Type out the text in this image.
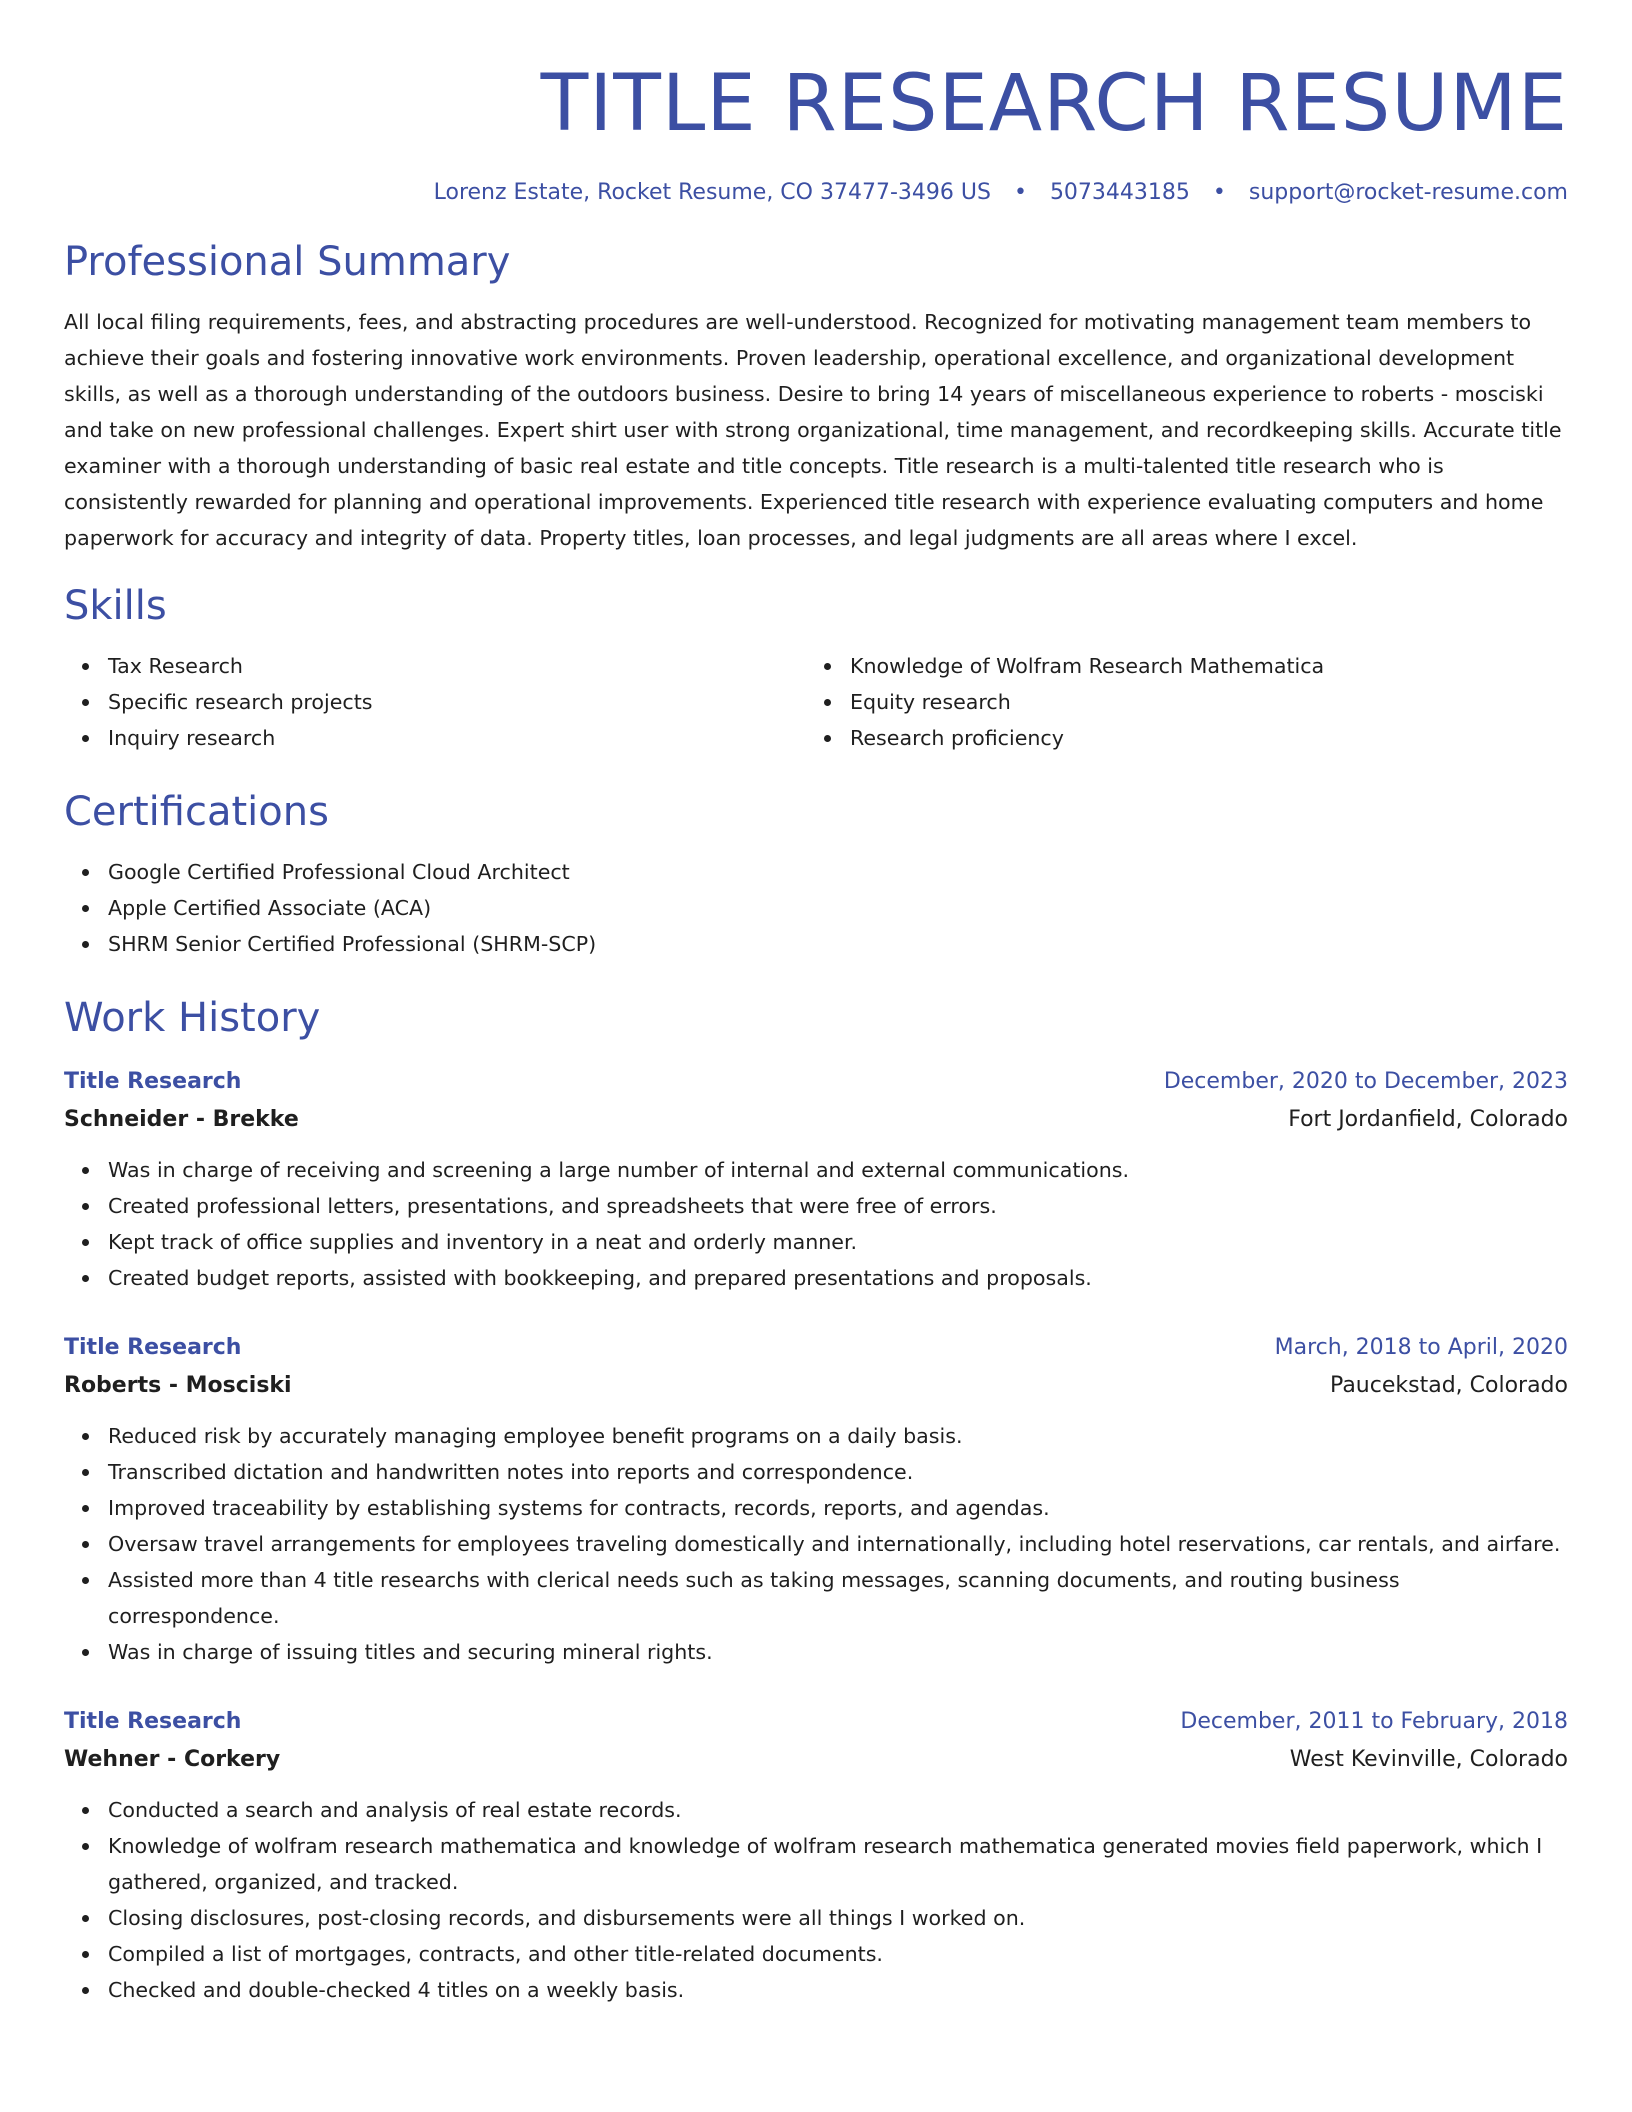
TITLE RESEARCH RESUME
Lorenz Estate, Rocket Resume, CO 37477-3496 US • 5073443185 • support@rocket-resume.com
Professional Summary

All local filing requirements, fees, and abstracting procedures are well-understood. Recognized for motivating management team members to achieve their goals and fostering innovative work environments. Proven leadership, operational excellence, and organizational development skills, as well as a thorough understanding of the outdoors business. Desire to bring 14 years of miscellaneous experience to roberts - mosciski and take on new professional challenges. Expert shirt user with strong organizational, time management, and recordkeeping skills. Accurate title examiner with a thorough understanding of basic real estate and title concepts. Title research is a multi-talented title research who is consistently rewarded for planning and operational improvements. Experienced title research with experience evaluating computers and home paperwork for accuracy and integrity of data. Property titles, loan processes, and legal judgments are all areas where I excel.

Skills
Tax Research
Specific research projects
Inquiry research
Knowledge of Wolfram Research Mathematica
Equity research
Research proficiency
Certifications
Google Certified Professional Cloud Architect
Apple Certified Associate (ACA)
SHRM Senior Certified Professional (SHRM-SCP)
Work History
Title Research	December, 2020 to December, 2023
Schneider - Brekke	Fort Jordanfield, Colorado
Was in charge of receiving and screening a large number of internal and external communications.
Created professional letters, presentations, and spreadsheets that were free of errors.
Kept track of office supplies and inventory in a neat and orderly manner.
Created budget reports, assisted with bookkeeping, and prepared presentations and proposals.
Title Research	March, 2018 to April, 2020
Roberts - Mosciski	Paucekstad, Colorado
Reduced risk by accurately managing employee benefit programs on a daily basis.
Transcribed dictation and handwritten notes into reports and correspondence.
Improved traceability by establishing systems for contracts, records, reports, and agendas.
Oversaw travel arrangements for employees traveling domestically and internationally, including hotel reservations, car rentals, and airfare.
Assisted more than 4 title researchs with clerical needs such as taking messages, scanning documents, and routing business correspondence.
Was in charge of issuing titles and securing mineral rights.
Title Research	December, 2011 to February, 2018
Wehner - Corkery	West Kevinville, Colorado
Conducted a search and analysis of real estate records.
Knowledge of wolfram research mathematica and knowledge of wolfram research mathematica generated movies field paperwork, which I gathered, organized, and tracked.
Closing disclosures, post-closing records, and disbursements were all things I worked on.
Compiled a list of mortgages, contracts, and other title-related documents.
Checked and double-checked 4 titles on a weekly basis.
